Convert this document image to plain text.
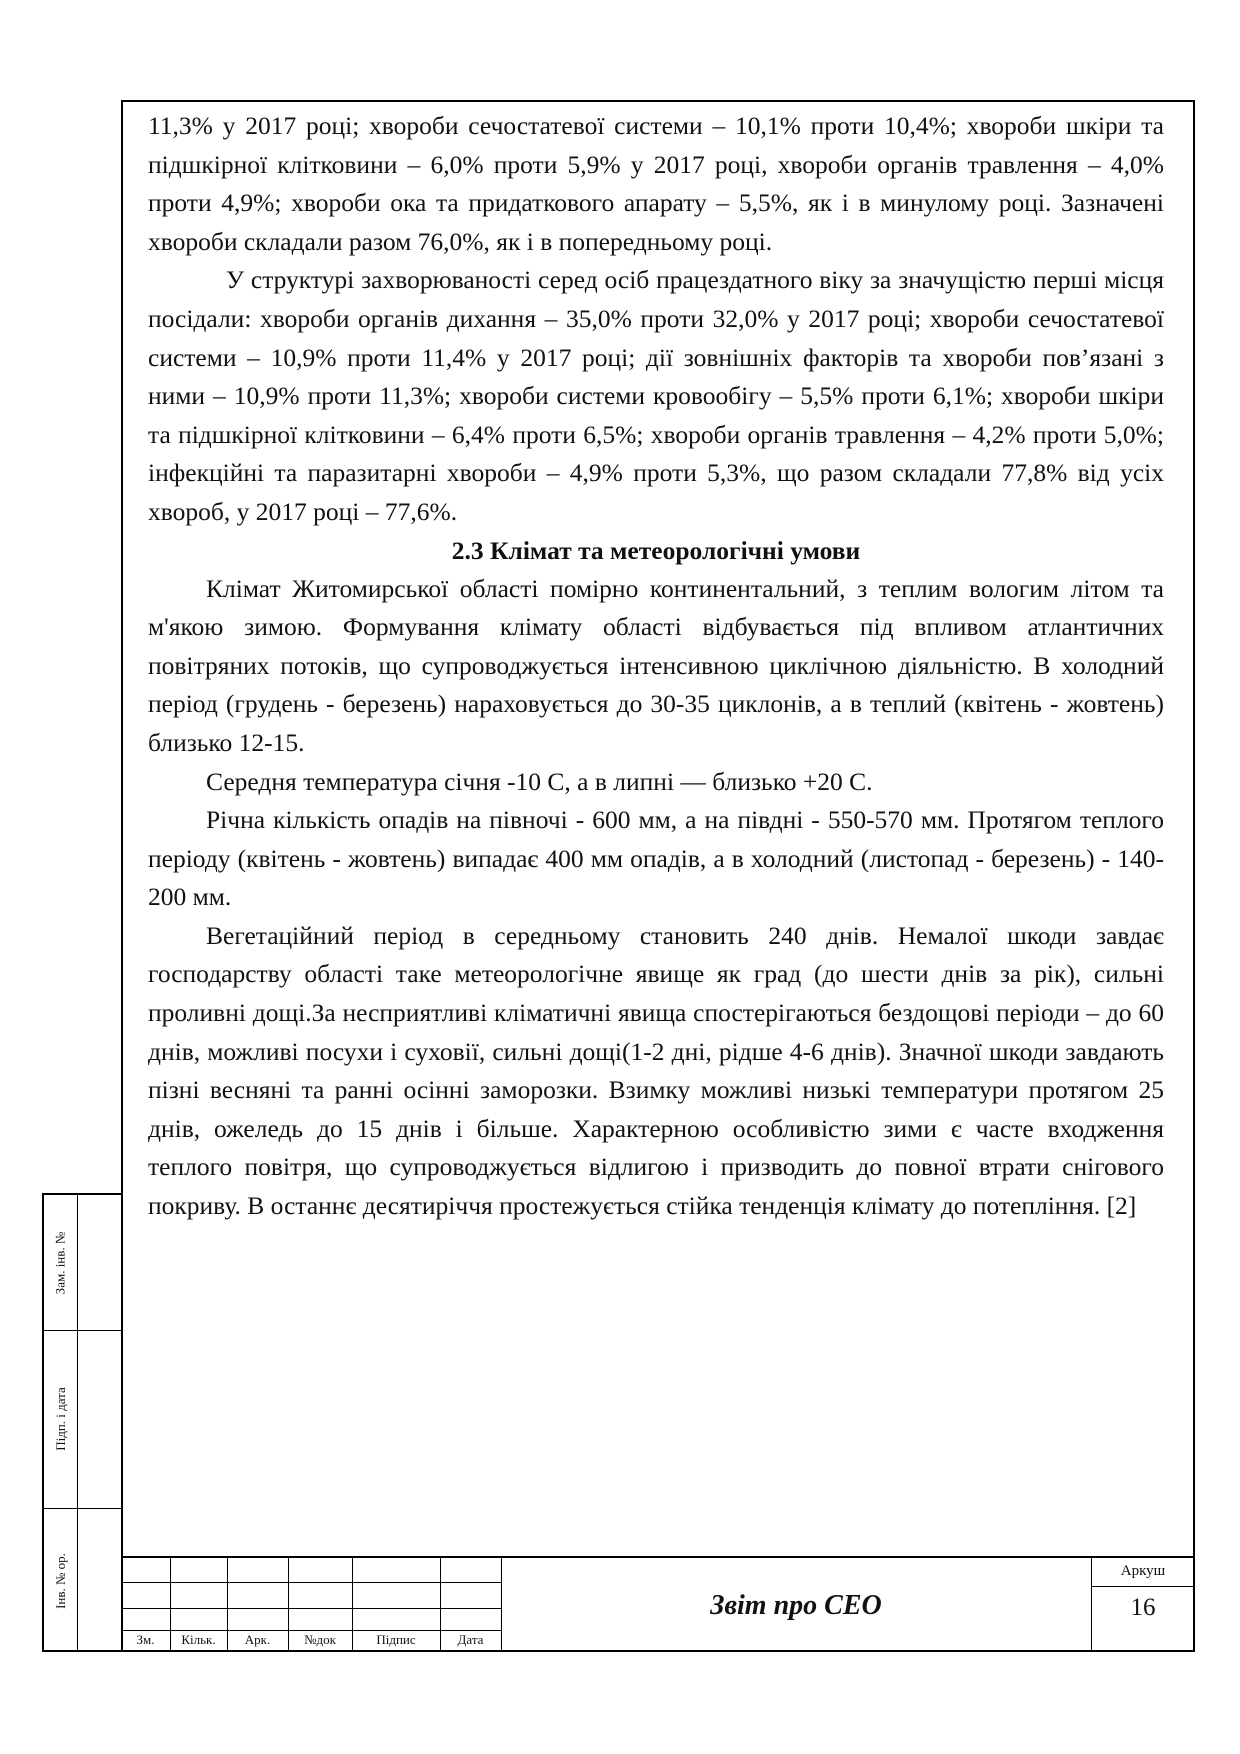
11,3% у 2017 році; хвороби сечостатевої системи – 10,1% проти 10,4%; хвороби шкіри та підшкірної клітковини – 6,0% проти 5,9% у 2017 році, хвороби органів травлення – 4,0% проти 4,9%; хвороби ока та придаткового апарату – 5,5%, як і в минулому році. Зазначені хвороби складали разом 76,0%, як і в попередньому році.

У структурі захворюваності серед осіб працездатного віку за значущістю перші місця посідали: хвороби органів дихання – 35,0% проти 32,0% у 2017 році; хвороби сечостатевої системи – 10,9% проти 11,4% у 2017 році; дії зовнішніх факторів та хвороби пов’язані з ними – 10,9% проти 11,3%; хвороби системи кровообігу – 5,5% проти 6,1%; хвороби шкіри та підшкірної клітковини – 6,4% проти 6,5%; хвороби органів травлення – 4,2% проти 5,0%; інфекційні та паразитарні хвороби – 4,9% проти 5,3%, що разом складали 77,8% від усіх хвороб, у 2017 році – 77,6%.

2.3 Клімат та метеорологічні умови

Клімат Житомирської області помірно континентальний, з теплим вологим літом та м'якою зимою. Формування клімату області відбувається під впливом атлантичних повітряних потоків, що супроводжується інтенсивною циклічною діяльністю. В холодний період (грудень - березень) нараховується до 30-35 циклонів, а в теплий (квітень - жовтень) близько 12-15.

Середня температура січня -10 С, а в липні — близько +20 С.

Річна кількість опадів на півночі - 600 мм, а на півдні - 550-570 мм. Протягом теплого періоду (квітень - жовтень) випадає 400 мм опадів, а в холодний (листопад - березень) - 140-200 мм.

Вегетаційний період в середньому становить 240 днів. Немалої шкоди завдає господарству області таке метеорологічне явище як град (до шести днів за рік), сильні проливні дощі.За несприятливі кліматичні явища спостерігаються бездощові періоди – до 60 днів, можливі посухи і суховії, сильні дощі(1-2 дні, рідше 4-6 днів). Значної шкоди завдають пізні весняні та ранні осінні заморозки. Взимку можливі низькі температури протягом 25 днів, ожеледь до 15 днів і більше. Характерною особливістю зими є часте входження теплого повітря, що супроводжується відлигою і призводить до повної втрати снігового покриву. В останнє десятиріччя простежується стійка тенденція клімату до потепління. [2]

Зам. інв. №
Підп. і дата
Інв. № ор.
Зм.	Кільк.	Арк.	№док	Підпис	Дата
Звіт про СЕО
Аркуш
16
